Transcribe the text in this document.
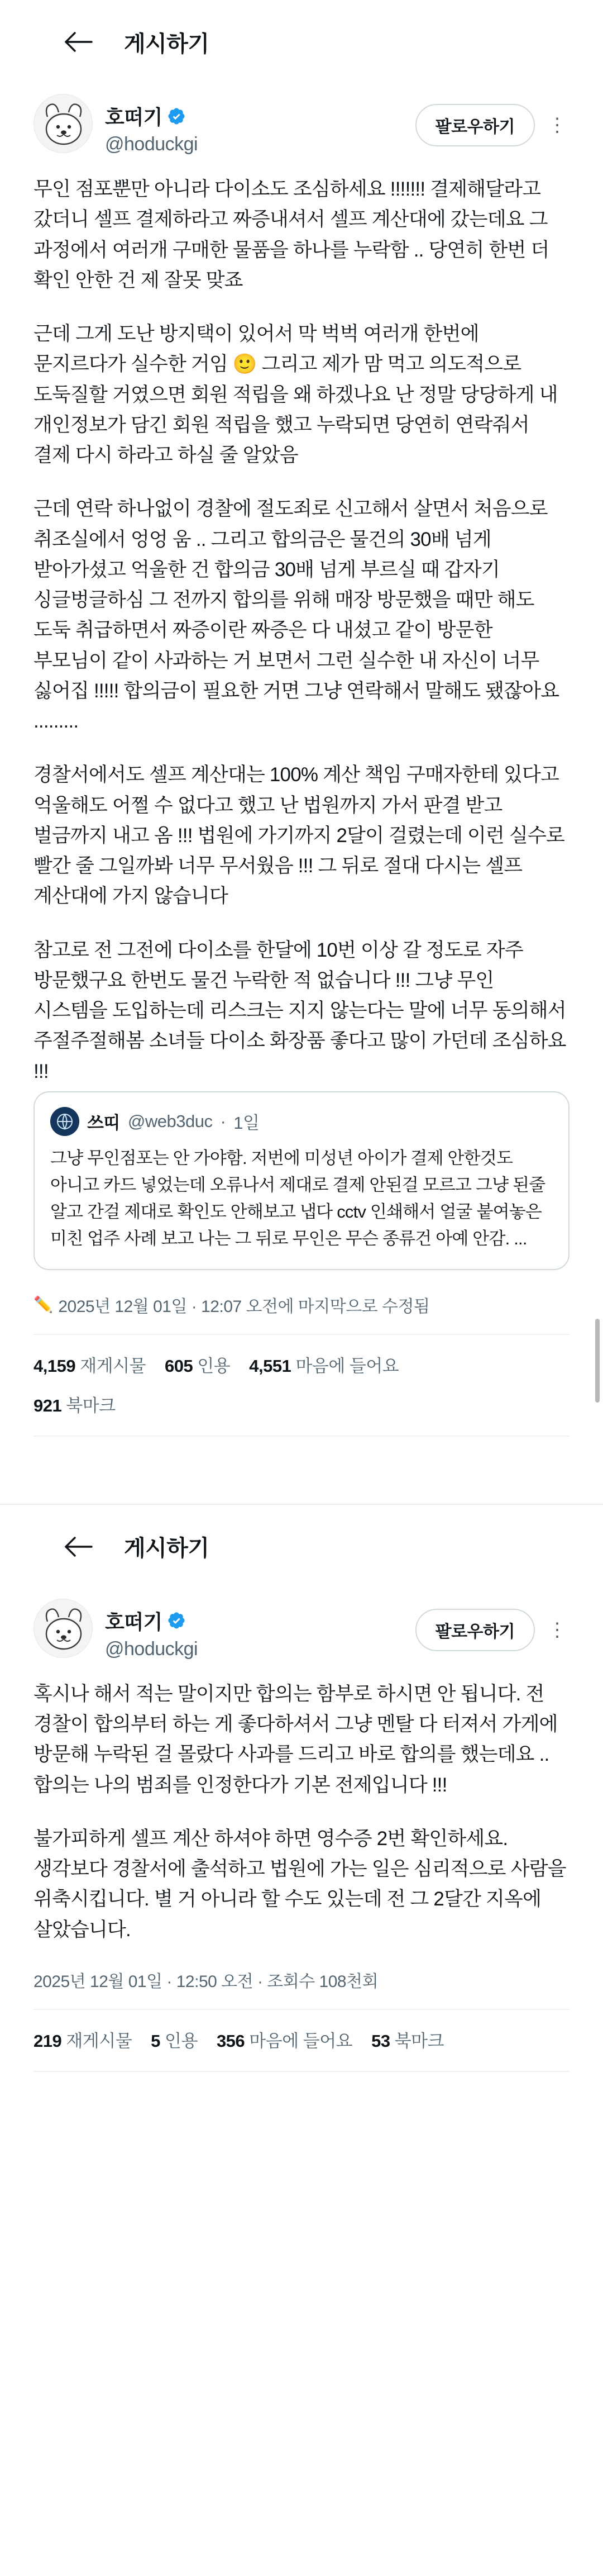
게시하기
호떠기
@hoduckgi
팔로우하기	⋮
무인 점포뿐만 아니라 다이소도 조심하세요 !!!!!!! 결제해달라고 갔더니 셀프 결제하라고 짜증내셔서 셀프 계산대에 갔는데요 그 과정에서 여러개 구매한 물품을 하나를 누락함 .. 당연히 한번 더 확인 안한 건 제 잘못 맞죠
근데 그게 도난 방지택이 있어서 막 벅벅 여러개 한번에 문지르다가 실수한 거임 🙂 그리고 제가 맘 먹고 의도적으로 도둑질할 거였으면 회원 적립을 왜 하겠나요 난 정말 당당하게 내 개인정보가 담긴 회원 적립을 했고 누락되면 당연히 연락줘서 결제 다시 하라고 하실 줄 알았음
근데 연락 하나없이 경찰에 절도죄로 신고해서 살면서 처음으로 취조실에서 엉엉 움 .. 그리고 합의금은 물건의 30배 넘게 받아가셨고 억울한 건 합의금 30배 넘게 부르실 때 갑자기 싱글벙글하심 그 전까지 합의를 위해 매장 방문했을 때만 해도 도둑 취급하면서 짜증이란 짜증은 다 내셨고 같이 방문한 부모님이 같이 사과하는 거 보면서 그런 실수한 내 자신이 너무 싫어집 !!!!! 합의금이 필요한 거면 그냥 연락해서 말해도 됐잖아요 .........
경찰서에서도 셀프 계산대는 100% 계산 책임 구매자한테 있다고 억울해도 어쩔 수 없다고 했고 난 법원까지 가서 판결 받고 벌금까지 내고 옴 !!! 법원에 가기까지 2달이 걸렸는데 이런 실수로 빨간 줄 그일까봐 너무 무서웠음 !!! 그 뒤로 절대 다시는 셀프 계산대에 가지 않습니다
참고로 전 그전에 다이소를 한달에 10번 이상 갈 정도로 자주 방문했구요 한번도 물건 누락한 적 없습니다 !!! 그냥 무인 시스템을 도입하는데 리스크는 지지 않는다는 말에 너무 동의해서 주절주절해봄 소녀들 다이소 화장품 좋다고 많이 가던데 조심하요 !!!
쓰띠 @web3duc · 1일
그냥 무인점포는 안 가야함. 저번에 미성년 아이가 결제 안한것도 아니고 카드 넣었는데 오류나서 제대로 결제 안된걸 모르고 그냥 된줄 알고 간걸 제대로 확인도 안해보고 냅다 cctv 인쇄해서 얼굴 붙여놓은 미친 업주 사례 보고 나는 그 뒤로 무인은 무슨 종류건 아예 안감. ...
✏️ 2025년 12월 01일 · 12:07 오전에 마지막으로 수정됨
4,159 재게시물 605 인용 4,551 마음에 들어요
921 북마크
게시하기
호떠기
@hoduckgi
팔로우하기	⋮
혹시나 해서 적는 말이지만 합의는 함부로 하시면 안 됩니다. 전 경찰이 합의부터 하는 게 좋다하셔서 그냥 멘탈 다 터져서 가게에 방문해 누락된 걸 몰랐다 사과를 드리고 바로 합의를 했는데요 .. 합의는 나의 범죄를 인정한다가 기본 전제입니다 !!!
불가피하게 셀프 계산 하셔야 하면 영수증 2번 확인하세요. 생각보다 경찰서에 출석하고 법원에 가는 일은 심리적으로 사람을 위축시킵니다. 별 거 아니라 할 수도 있는데 전 그 2달간 지옥에 살았습니다.
2025년 12월 01일 · 12:50 오전 · 조회수 108천회
219 재게시물 5 인용 356 마음에 들어요 53 북마크
